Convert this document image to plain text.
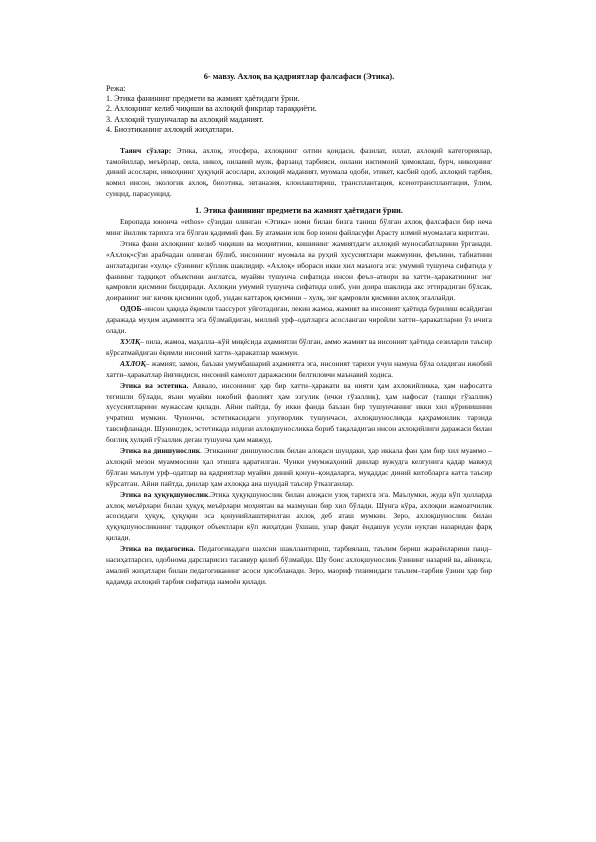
6- мавзу. Ахлоқ ва қадриятлар фалсафаси (Этика).

Режа:

1. Этика фанининг предмети ва жамият ҳаётидаги ўрни.

2. Ахлоқнинг келиб чиқиши ва ахлоқий фикрлар тараққиёти.

3. Ахлоқий тушунчалар ва ахлоқий маданият.

4. Биоэтиканинг ахлоқий жиҳатлари.

Таянч сўзлар: Этика, ахлоқ, этосфера, ахлоқнинг олтин қоидаси, фазилат, иллат, ахлоқий категориялар, тамойиллар, меъёрлар, оила, никоҳ, оилавий мулк, фарзанд тарбияси, оилани ижтимоий ҳимоялаш, бурч, никоҳнинг диний асослари, никоҳнинг ҳуқуқий асослари, ахлоқий маданият, муомала одоби, этикет, касбий одоб, ахлоқий тарбия, комил инсон, экологик ахлоқ, биоэтика, эвтаназия, клонлаштириш, трансплантация, ксенотрансплантация, ўлим, суицид, парасуицид.

1. Этика фанининг предмети ва жамият ҳаётидаги ўрни.

Европада юнонча «ethos» сўзидан олинган «Этика» номи билан бизга таниш бўлган ахлоқ фалсафаси бир неча минг йиллик тарихга эга бўлган қадимий фан. Бу атамани илк бор юнон файласуфи Арасту илмий муомалага киритган.

Этика фани ахлоқнинг келиб чиқиши ва моҳиятини, кишининг жамиятдаги ахлоқий муносабатларини ўрганади. «Ахлоқ»сўзи арабчадан олинган бўлиб, инсоннинг муомала ва руҳий хусусиятлари мажмуини, феълини, табиатини англатадиган «хулқ» сўзининг кўплик шаклидир. «Ахлоқ» ибораси икки хил маънога эга: умумий тушунча сифатида у фаннинг тадқиқот объектини англатса, муайян тушунча сифатида инсон феъл–атвори ва хатти–ҳаракатининг энг қамровли қисмини билдиради. Ахлоқни умумий тушунча сифатида олиб, уни доира шаклида акс эттирадиган бўлсак, доиранинг энг кичик қисмини одоб, ундан каттароқ қисмини – хулқ, энг қамровли қисмини ахлоқ эгаллайди.

ОДОБ–инсон ҳақида ёқимли таассурот уйғотадиган, лекин жамоа, жамият ва инсоният ҳаётида бурилиш ясайдиган даражада муҳим аҳамиятга эга бўлмайдиган, миллий урф–одатларга асосланган чиройли хатти–ҳаракатларни ўз ичига олади.

ХУЛҚ– оила, жамоа, маҳалла–кўй миқёсида аҳамиятли бўлган, аммо жамият ва инсоният ҳаётида сезиларли таъсир кўрсатмайдиган ёқимли инсоний хатти–ҳаракатлар мажмуи.

АХЛОҚ– жамият, замон, баъзан умумбашарий аҳамиятга эга, инсоният тарихи учун намуна бўла оладиган ижобий хатти–ҳаракатлар йиғиндиси, инсоний камолот даражасини белгиловчи маънавий ходиса.

Этика ва эстетика. Аввало, инсоннинг ҳар бир хатти–ҳаракати ва нияти ҳам ахлокийликка, ҳам нафосатга тегишли бўлади, яъни муайян ижобий фаолият ҳам эзгулик (ички гўзаллик), ҳам нафосат (ташқи гўзаллик) хусусиятларини мужассам қилади. Айни пайтда, бу икки фанда баъзан бир тушунчанинг икки хил кўринишини учратиш мумкин. Чунончи, эстетикасидаги улуғворлик тушунчаси, ахлоқшуносликда қаҳрамонлик тарзида тавсифланади. Шунингдек, эстетикада илдизи ахлоқшуносликка бориб тақаладиган инсон ахлоқийлиги даражаси билан боғлиқ хулқий гўзаллик деган тушунча ҳам мавжуд.

Этика ва диншунослик. Этиканинг диншунослик билан алоқаси шундаки, ҳар иккала фан ҳам бир хил муаммо – ахлоқий мезон муаммосини ҳал этишга қаратилган. Чунки умумжаҳоний динлар вужудга келгунига қадар мавжуд бўлган маълум урф–одатлар ва қадриятлар муайян диний қонун–қоидаларга, муқаддас диний китобларга катта таъсир кўрсатган. Айни пайтда, динлар ҳам ахлоққа аиа шундай таъсир ўтказганлар.

Этика ва ҳуқуқшунослик.Этика ҳуқуқшунослик билан алоқаси узоқ тарихга эга. Маълумки, жуда кўп ҳолларда ахлоқ меъёрлари билан ҳуқуқ меъёрлари моҳиятан ва мазмунан бир хил бўлади. Шунга кўра, ахлоқни жамоатчилик асосидаги ҳуқуқ, ҳуқуқни эса қонунийлаштирилган ахлоқ деб аташ мумкин. Зеро, ахлоқшунослик билан ҳуқуқшуносликнинг тадқиқот объектлари кўп жиҳатдан ўхшаш, улар фақат ёндашув усули нуқтаи назаридан фарқ қилади.

Этика ва педагогика. Педагогикадаги шахсни шакллантириш, тарбиялаш, таълим бериш жараёнларини панд–насиҳатларсиз, одобнома дарсларисиз тасаввур қилиб бўлмайди. Шу боис ахлоқшунослик ўзининг назарий ва, айниқса, амалий жиҳатлари билан педагогиканинг асоси ҳисобланади. Зеро, маориф тизимидаги таълим–тарбия ўзини ҳар бир қадамда ахлоқий тарбия сифатида намоён қилади.
